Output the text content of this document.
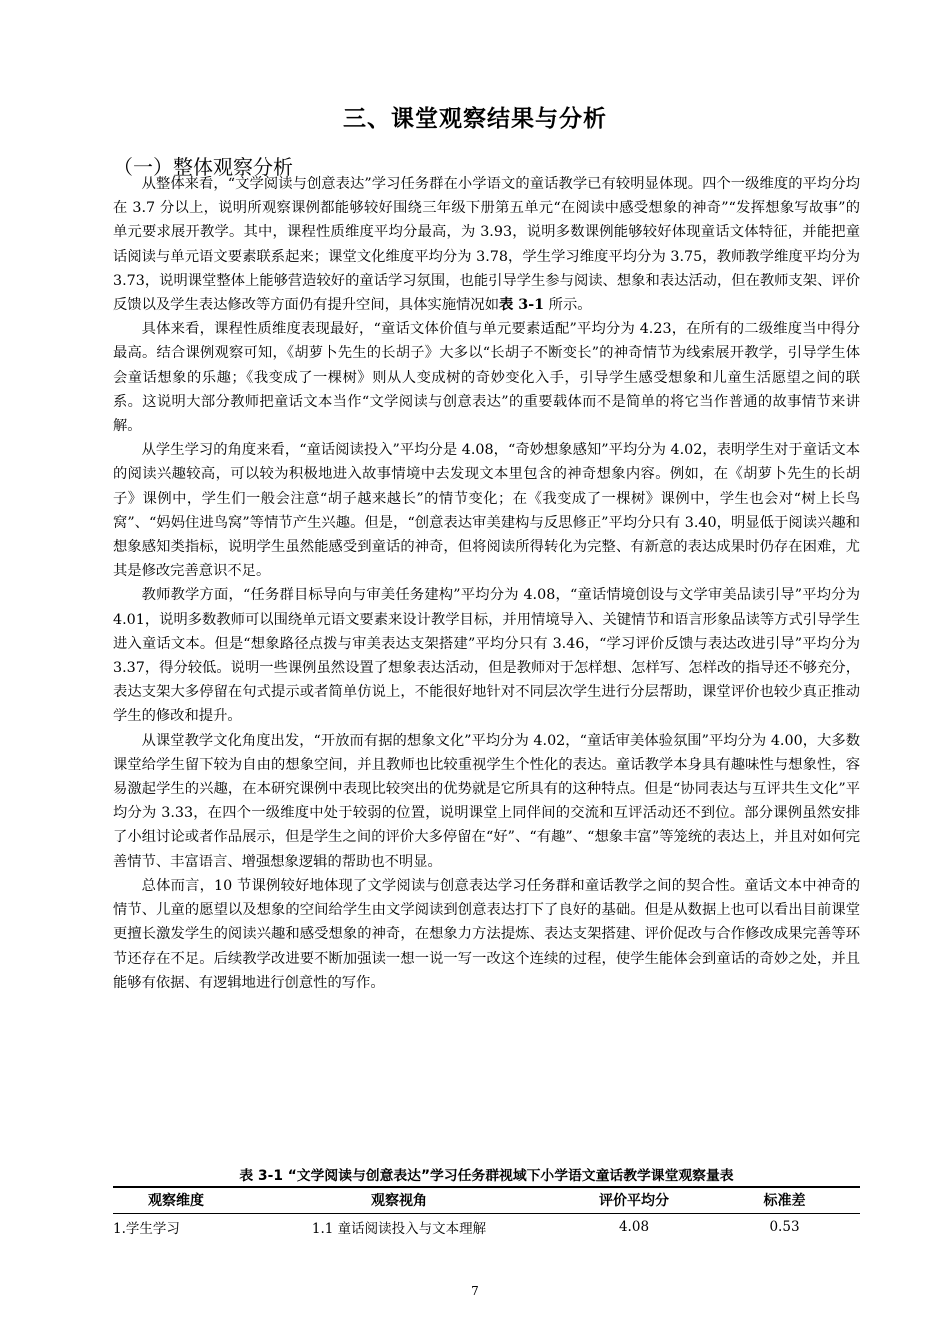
三、课堂观察结果与分析
（一）整体观察分析

从整体来看，“文学阅读与创意表达”学习任务群在小学语文的童话教学已有较明显体现。四个一级维度的平均分均在 3.7 分以上，说明所观察课例都能够较好围绕三年级下册第五单元“在阅读中感受想象的神奇”“发挥想象写故事”的单元要求展开教学。其中，课程性质维度平均分最高，为 3.93，说明多数课例能够较好体现童话文体特征，并能把童话阅读与单元语文要素联系起来；课堂文化维度平均分为 3.78，学生学习维度平均分为 3.75，教师教学维度平均分为 3.73，说明课堂整体上能够营造较好的童话学习氛围，也能引导学生参与阅读、想象和表达活动，但在教师支架、评价反馈以及学生表达修改等方面仍有提升空间，具体实施情况如表 3-1 所示。

具体来看，课程性质维度表现最好，“童话文体价值与单元要素适配”平均分为 4.23，在所有的二级维度当中得分最高。结合课例观察可知，《胡萝卜先生的长胡子》大多以“长胡子不断变长”的神奇情节为线索展开教学，引导学生体会童话想象的乐趣；《我变成了一棵树》则从人变成树的奇妙变化入手，引导学生感受想象和儿童生活愿望之间的联系。这说明大部分教师把童话文本当作“文学阅读与创意表达”的重要载体而不是简单的将它当作普通的故事情节来讲解。

从学生学习的角度来看，“童话阅读投入”平均分是 4.08，“奇妙想象感知”平均分为 4.02，表明学生对于童话文本的阅读兴趣较高，可以较为积极地进入故事情境中去发现文本里包含的神奇想象内容。例如，在《胡萝卜先生的长胡子》课例中，学生们一般会注意“胡子越来越长”的情节变化；在《我变成了一棵树》课例中，学生也会对“树上长鸟窝”、“妈妈住进鸟窝”等情节产生兴趣。但是，“创意表达审美建构与反思修正”平均分只有 3.40，明显低于阅读兴趣和想象感知类指标，说明学生虽然能感受到童话的神奇，但将阅读所得转化为完整、有新意的表达成果时仍存在困难，尤其是修改完善意识不足。

教师教学方面，“任务群目标导向与审美任务建构”平均分为 4.08，“童话情境创设与文学审美品读引导”平均分为 4.01，说明多数教师可以围绕单元语文要素来设计教学目标，并用情境导入、关键情节和语言形象品读等方式引导学生进入童话文本。但是“想象路径点拨与审美表达支架搭建”平均分只有 3.46，“学习评价反馈与表达改进引导”平均分为 3.37，得分较低。说明一些课例虽然设置了想象表达活动，但是教师对于怎样想、怎样写、怎样改的指导还不够充分，表达支架大多停留在句式提示或者简单仿说上，不能很好地针对不同层次学生进行分层帮助，课堂评价也较少真正推动学生的修改和提升。

从课堂教学文化角度出发，“开放而有据的想象文化”平均分为 4.02，“童话审美体验氛围”平均分为 4.00，大多数课堂给学生留下较为自由的想象空间，并且教师也比较重视学生个性化的表达。童话教学本身具有趣味性与想象性，容易激起学生的兴趣，在本研究课例中表现比较突出的优势就是它所具有的这种特点。但是“协同表达与互评共生文化”平均分为 3.33，在四个一级维度中处于较弱的位置，说明课堂上同伴间的交流和互评活动还不到位。部分课例虽然安排了小组讨论或者作品展示，但是学生之间的评价大多停留在“好”、“有趣”、“想象丰富”等笼统的表达上，并且对如何完善情节、丰富语言、增强想象逻辑的帮助也不明显。

总体而言，10 节课例较好地体现了文学阅读与创意表达学习任务群和童话教学之间的契合性。童话文本中神奇的情节、儿童的愿望以及想象的空间给学生由文学阅读到创意表达打下了良好的基础。但是从数据上也可以看出目前课堂更擅长激发学生的阅读兴趣和感受想象的神奇，在想象力方法提炼、表达支架搭建、评价促改与合作修改成果完善等环节还存在不足。后续教学改进要不断加强读一想一说一写一改这个连续的过程，使学生能体会到童话的奇妙之处，并且能够有依据、有逻辑地进行创意性的写作。

表 3-1 “文学阅读与创意表达”学习任务群视域下小学语文童话教学课堂观察量表
观察维度	观察视角	评价平均分	标准差
1.学生学习	1.1 童话阅读投入与文本理解	4.08	0.53
7
